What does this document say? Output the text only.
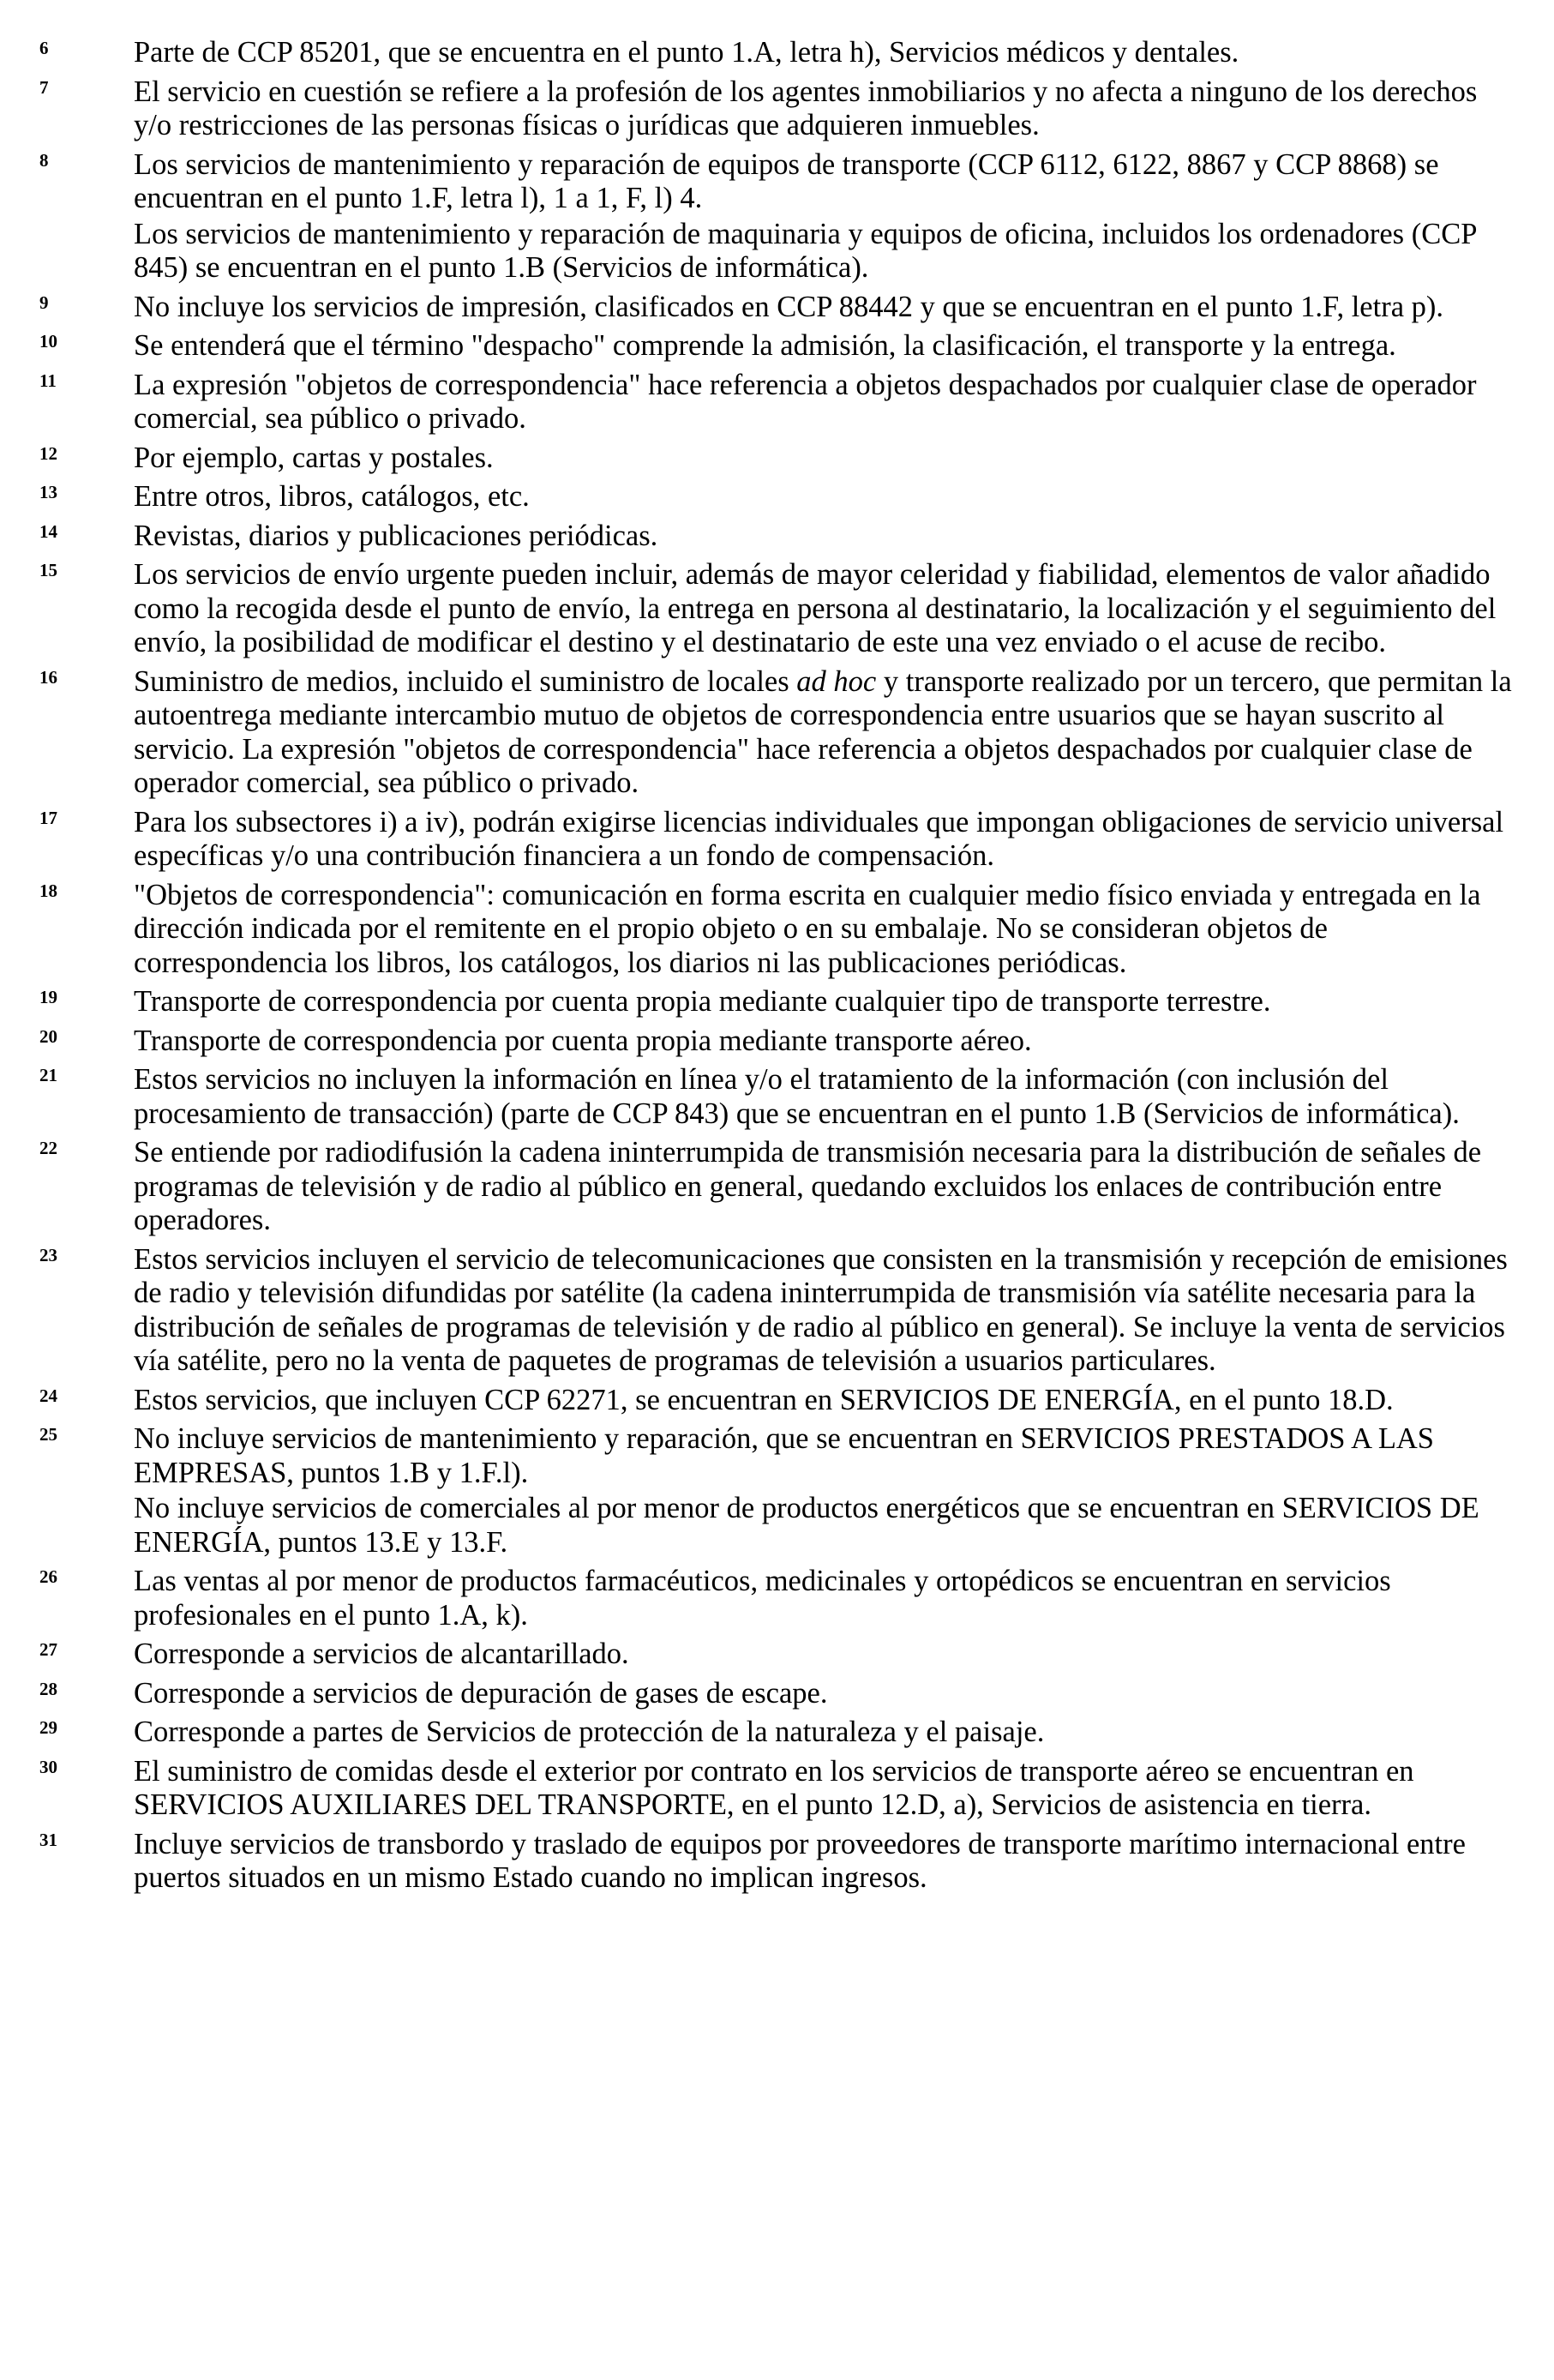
6	Parte de CCP 85201, que se encuentra en el punto 1.A, letra h), Servicios médicos y dentales.

7	El servicio en cuestión se refiere a la profesión de los agentes inmobiliarios y no afecta a ninguno de los derechos y/o restricciones de las personas físicas o jurídicas que adquieren inmuebles.

8	Los servicios de mantenimiento y reparación de equipos de transporte (CCP 6112, 6122, 8867 y CCP 8868) se encuentran en el punto 1.F, letra l), 1 a 1, F, l) 4.

Los servicios de mantenimiento y reparación de maquinaria y equipos de oficina, incluidos los ordenadores (CCP 845) se encuentran en el punto 1.B (Servicios de informática).

9	No incluye los servicios de impresión, clasificados en CCP 88442 y que se encuentran en el punto 1.F, letra p).

10	Se entenderá que el término "despacho" comprende la admisión, la clasificación, el transporte y la entrega.

11	La expresión "objetos de correspondencia" hace referencia a objetos despachados por cualquier clase de operador comercial, sea público o privado.

12	Por ejemplo, cartas y postales.

13	Entre otros, libros, catálogos, etc.

14	Revistas, diarios y publicaciones periódicas.

15	Los servicios de envío urgente pueden incluir, además de mayor celeridad y fiabilidad, elementos de valor añadido como la recogida desde el punto de envío, la entrega en persona al destinatario, la localización y el seguimiento del envío, la posibilidad de modificar el destino y el destinatario de este una vez enviado o el acuse de recibo.

16	Suministro de medios, incluido el suministro de locales ad hoc y transporte realizado por un tercero, que permitan la autoentrega mediante intercambio mutuo de objetos de correspondencia entre usuarios que se hayan suscrito al servicio. La expresión "objetos de correspondencia" hace referencia a objetos despachados por cualquier clase de operador comercial, sea público o privado.

17	Para los subsectores i) a iv), podrán exigirse licencias individuales que impongan obligaciones de servicio universal específicas y/o una contribución financiera a un fondo de compensación.

18	"Objetos de correspondencia": comunicación en forma escrita en cualquier medio físico enviada y entregada en la dirección indicada por el remitente en el propio objeto o en su embalaje. No se consideran objetos de correspondencia los libros, los catálogos, los diarios ni las publicaciones periódicas.

19	Transporte de correspondencia por cuenta propia mediante cualquier tipo de transporte terrestre.

20	Transporte de correspondencia por cuenta propia mediante transporte aéreo.

21	Estos servicios no incluyen la información en línea y/o el tratamiento de la información (con inclusión del procesamiento de transacción) (parte de CCP 843) que se encuentran en el punto 1.B (Servicios de informática).

22	Se entiende por radiodifusión la cadena ininterrumpida de transmisión necesaria para la distribución de señales de programas de televisión y de radio al público en general, quedando excluidos los enlaces de contribución entre operadores.

23	Estos servicios incluyen el servicio de telecomunicaciones que consisten en la transmisión y recepción de emisiones de radio y televisión difundidas por satélite (la cadena ininterrumpida de transmisión vía satélite necesaria para la distribución de señales de programas de televisión y de radio al público en general). Se incluye la venta de servicios vía satélite, pero no la venta de paquetes de programas de televisión a usuarios particulares.

24	Estos servicios, que incluyen CCP 62271, se encuentran en SERVICIOS DE ENERGÍA, en el punto 18.D.

25	No incluye servicios de mantenimiento y reparación, que se encuentran en SERVICIOS PRESTADOS A LAS EMPRESAS, puntos 1.B y 1.F.l).

No incluye servicios de comerciales al por menor de productos energéticos que se encuentran en SERVICIOS DE ENERGÍA, puntos 13.E y 13.F.

26	Las ventas al por menor de productos farmacéuticos, medicinales y ortopédicos se encuentran en servicios profesionales en el punto 1.A, k).

27	Corresponde a servicios de alcantarillado.

28	Corresponde a servicios de depuración de gases de escape.

29	Corresponde a partes de Servicios de protección de la naturaleza y el paisaje.

30	El suministro de comidas desde el exterior por contrato en los servicios de transporte aéreo se encuentran en SERVICIOS AUXILIARES DEL TRANSPORTE, en el punto 12.D, a), Servicios de asistencia en tierra.

31	Incluye servicios de transbordo y traslado de equipos por proveedores de transporte marítimo internacional entre puertos situados en un mismo Estado cuando no implican ingresos.
